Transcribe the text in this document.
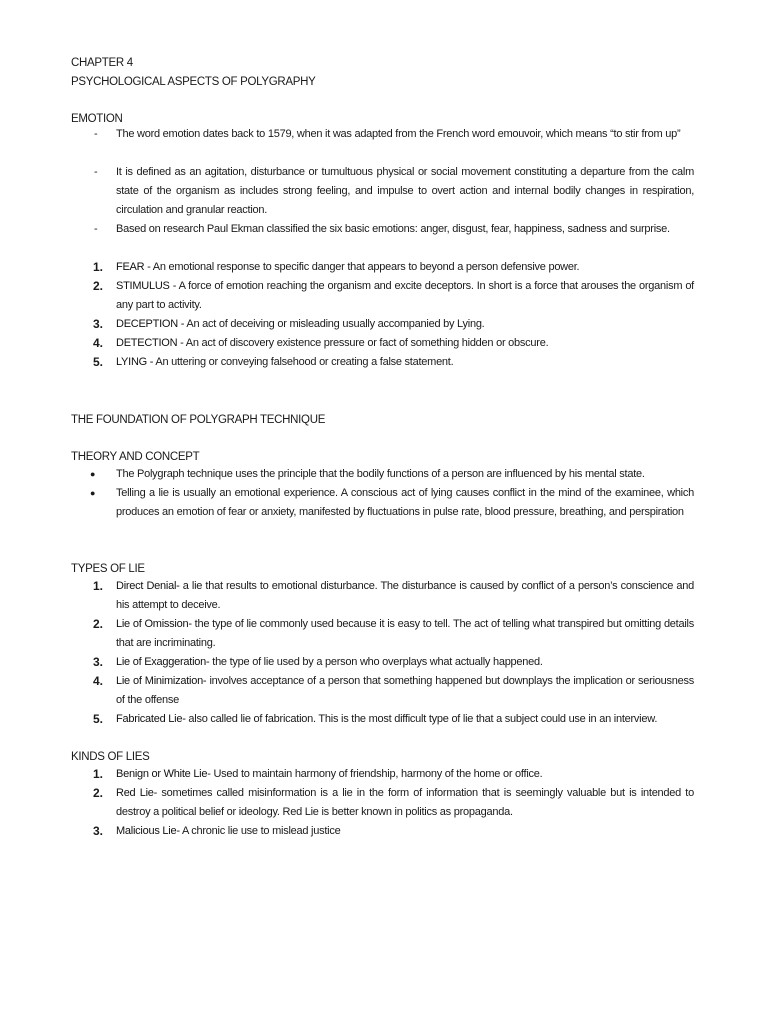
CHAPTER 4
PSYCHOLOGICAL ASPECTS OF POLYGRAPHY
EMOTION
- The word emotion dates back to 1579, when it was adapted from the French word emouvoir, which means “to stir from up”
- It is defined as an agitation, disturbance or tumultuous physical or social movement constituting a departure from the calm state of the organism as includes strong feeling, and impulse to overt action and internal bodily changes in respiration, circulation and granular reaction.
- Based on research Paul Ekman classified the six basic emotions: anger, disgust, fear, happiness, sadness and surprise.
1. FEAR - An emotional response to specific danger that appears to beyond a person defensive power.
2. STIMULUS - A force of emotion reaching the organism and excite deceptors. In short is a force that arouses the organism of any part to activity.
3. DECEPTION - An act of deceiving or misleading usually accompanied by Lying.
4. DETECTION - An act of discovery existence pressure or fact of something hidden or obscure.
5. LYING - An uttering or conveying falsehood or creating a false statement.
THE FOUNDATION OF POLYGRAPH TECHNIQUE
THEORY AND CONCEPT
● The Polygraph technique uses the principle that the bodily functions of a person are influenced by his mental state.
● Telling a lie is usually an emotional experience. A conscious act of lying causes conflict in the mind of the examinee, which produces an emotion of fear or anxiety, manifested by fluctuations in pulse rate, blood pressure, breathing, and perspiration
TYPES OF LIE
1. Direct Denial- a lie that results to emotional disturbance. The disturbance is caused by conflict of a person’s conscience and his attempt to deceive.
2. Lie of Omission- the type of lie commonly used because it is easy to tell. The act of telling what transpired but omitting details that are incriminating.
3. Lie of Exaggeration- the type of lie used by a person who overplays what actually happened.
4. Lie of Minimization- involves acceptance of a person that something happened but downplays the implication or seriousness of the offense
5. Fabricated Lie- also called lie of fabrication. This is the most difficult type of lie that a subject could use in an interview.
KINDS OF LIES
1. Benign or White Lie- Used to maintain harmony of friendship, harmony of the home or office.
2. Red Lie- sometimes called misinformation is a lie in the form of information that is seemingly valuable but is intended to destroy a political belief or ideology. Red Lie is better known in politics as propaganda.
3. Malicious Lie- A chronic lie use to mislead justice
